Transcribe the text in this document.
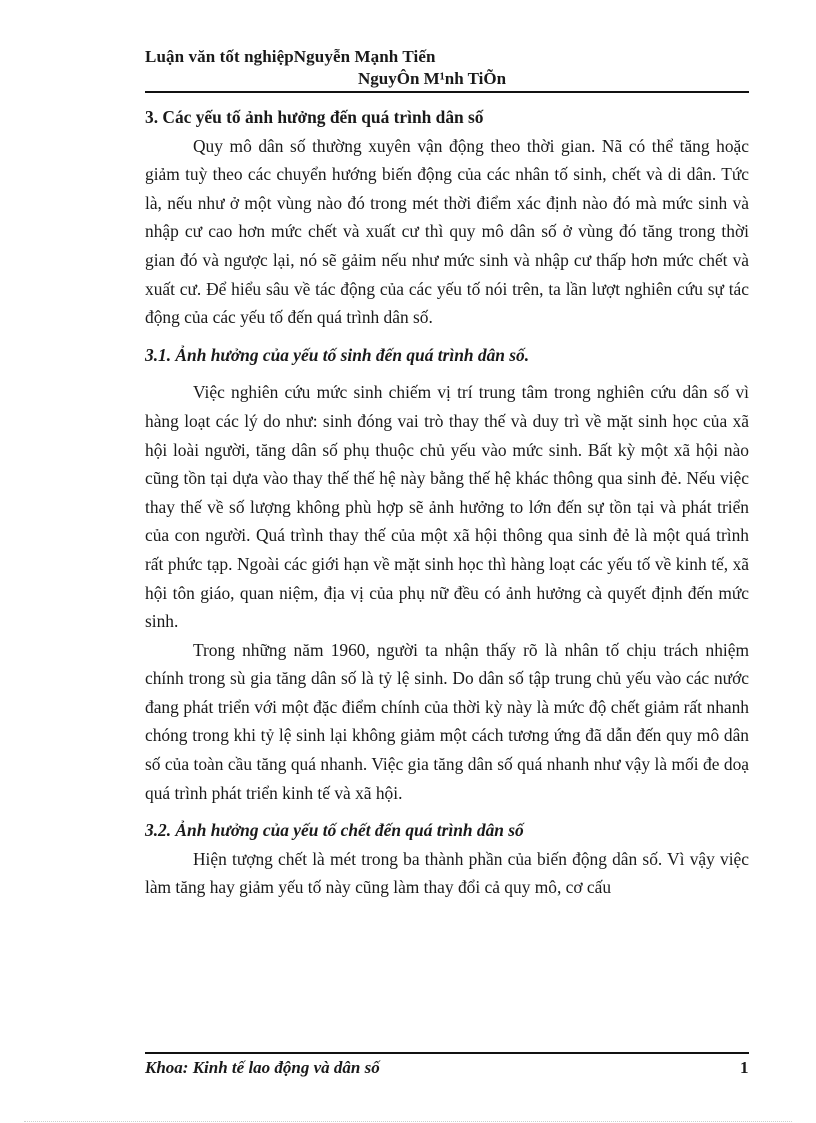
Luận văn tốt nghiệpNguyễn Mạnh Tiến
NguyÔn M¹nh TiÕn
3. Các yếu tố ảnh hưởng đến quá trình dân số

Quy mô dân số thường xuyên vận động theo thời gian. Nã có thể tăng hoặc giảm tuỳ theo các chuyển hướng biến động của các nhân tố sinh, chết và di dân. Tức là, nếu như ở một vùng nào đó trong mét thời điểm xác định nào đó mà mức sinh và nhập cư cao hơn mức chết và xuất cư thì quy mô dân số ở vùng đó tăng trong thời gian đó và ngược lại, nó sẽ gảim nếu như mức sinh và nhập cư thấp hơn mức chết và xuất cư. Để hiểu sâu về tác động của các yếu tố nói trên, ta lần lượt nghiên cứu sự tác động của các yếu tố đến quá trình dân số.

3.1. Ảnh hưởng của yếu tố sinh đến quá trình dân số.

Việc nghiên cứu mức sinh chiếm vị trí trung tâm trong nghiên cứu dân số vì hàng loạt các lý do như: sinh đóng vai trò thay thế và duy trì về mặt sinh học của xã hội loài người, tăng dân số phụ thuộc chủ yếu vào mức sinh. Bất kỳ một xã hội nào cũng tồn tại dựa vào thay thế thế hệ này bằng thế hệ khác thông qua sinh đẻ. Nếu việc thay thế về số lượng không phù hợp sẽ ảnh hưởng to lớn đến sự tồn tại và phát triển của con người. Quá trình thay thế của một xã hội thông qua sinh đẻ là một quá trình rất phức tạp. Ngoài các giới hạn về mặt sinh học thì hàng loạt các yếu tố về kinh tế, xã hội tôn giáo, quan niệm, địa vị của phụ nữ đều có ảnh hưởng cà quyết định đến mức sinh.

Trong những năm 1960, người ta nhận thấy rõ là nhân tố chịu trách nhiệm chính trong sù gia tăng dân số là tỷ lệ sinh. Do dân số tập trung chủ yếu vào các nước đang phát triển với một đặc điểm chính của thời kỳ này là mức độ chết giảm rất nhanh chóng trong khi tỷ lệ sinh lại không giảm một cách tương ứng đã dẫn đến quy mô dân số của toàn cầu tăng quá nhanh. Việc gia tăng dân số quá nhanh như vậy là mối đe doạ quá trình phát triển kinh tế và xã hội.

3.2. Ảnh hưởng của yếu tố chết đến quá trình dân số

Hiện tượng chết là mét trong ba thành phần của biến động dân số. Vì vậy việc làm tăng hay giảm yếu tố này cũng làm thay đổi cả quy mô, cơ cấu

Khoa: Kinh tế lao động và dân số	1
